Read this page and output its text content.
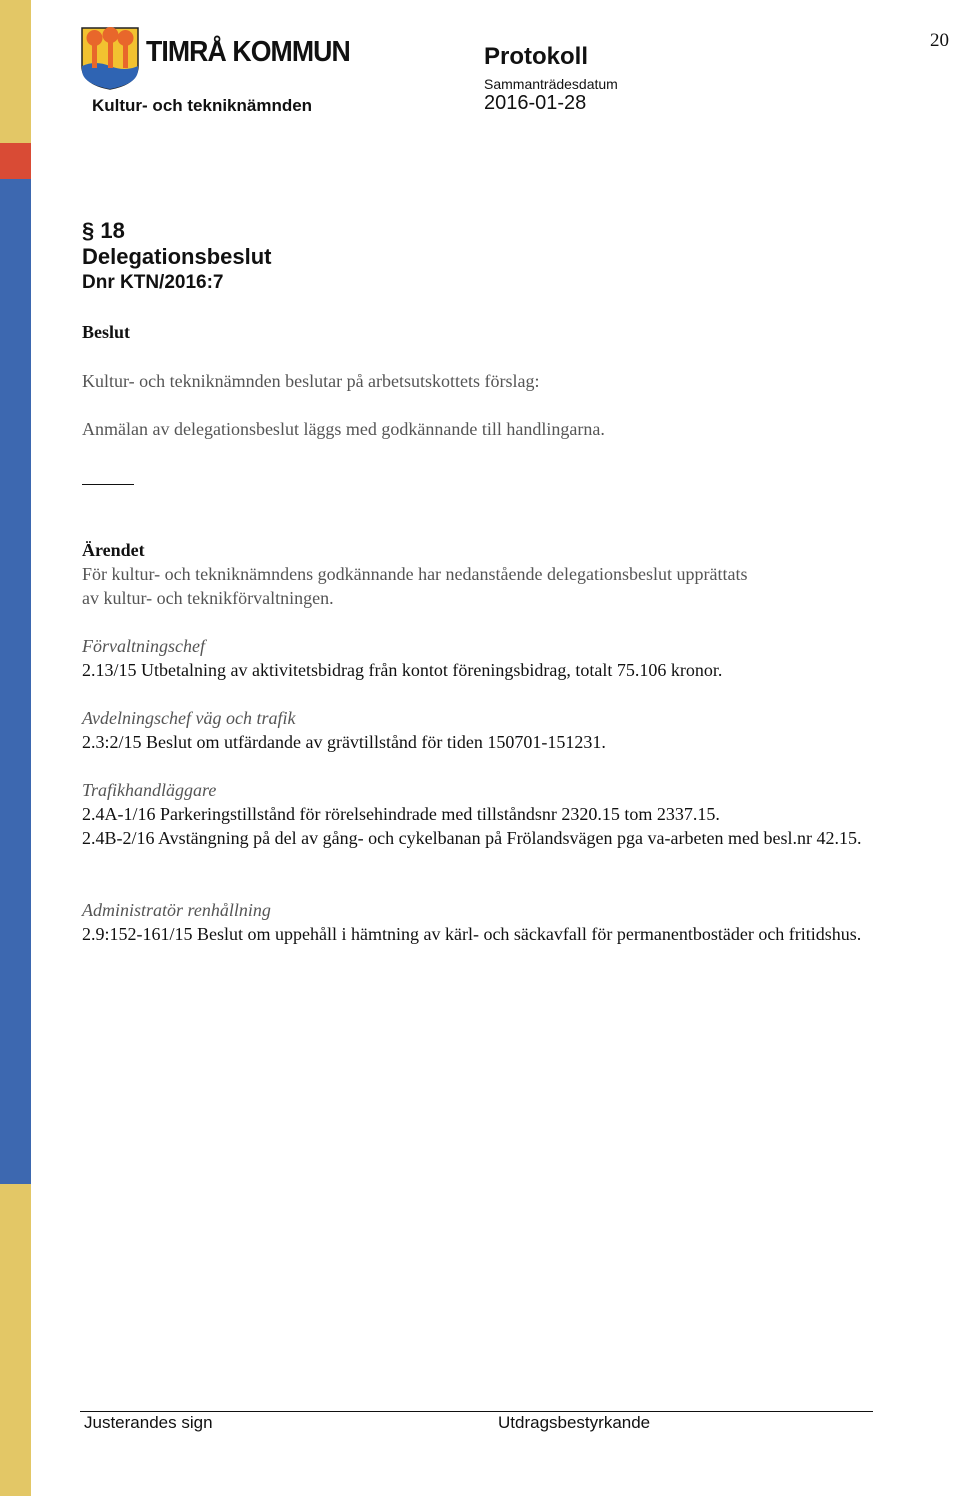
20
TIMRÅ KOMMUN
Kultur- och tekniknämnden
Protokoll
Sammanträdesdatum
2016-01-28
§ 18
Delegationsbeslut
Dnr KTN/2016:7
Beslut
Kultur- och tekniknämnden beslutar på arbetsutskottets förslag:
Anmälan av delegationsbeslut läggs med godkännande till handlingarna.
Ärendet
För kultur- och tekniknämndens godkännande har nedanstående delegationsbeslut upprättats
av kultur- och teknikförvaltningen.
Förvaltningschef
2.13/15 Utbetalning av aktivitetsbidrag från kontot föreningsbidrag, totalt 75.106 kronor.
Avdelningschef väg och trafik
2.3:2/15 Beslut om utfärdande av grävtillstånd för tiden 150701-151231.
Trafikhandläggare
2.4A-1/16 Parkeringstillstånd för rörelsehindrade med tillståndsnr 2320.15 tom 2337.15.
2.4B-2/16 Avstängning på del av gång- och cykelbanan på Frölandsvägen pga va-arbeten med besl.nr 42.15.
Administratör renhållning
2.9:152-161/15 Beslut om uppehåll i hämtning av kärl- och säckavfall för permanentbostäder och fritidshus.
Justerandes sign	Utdragsbestyrkande
